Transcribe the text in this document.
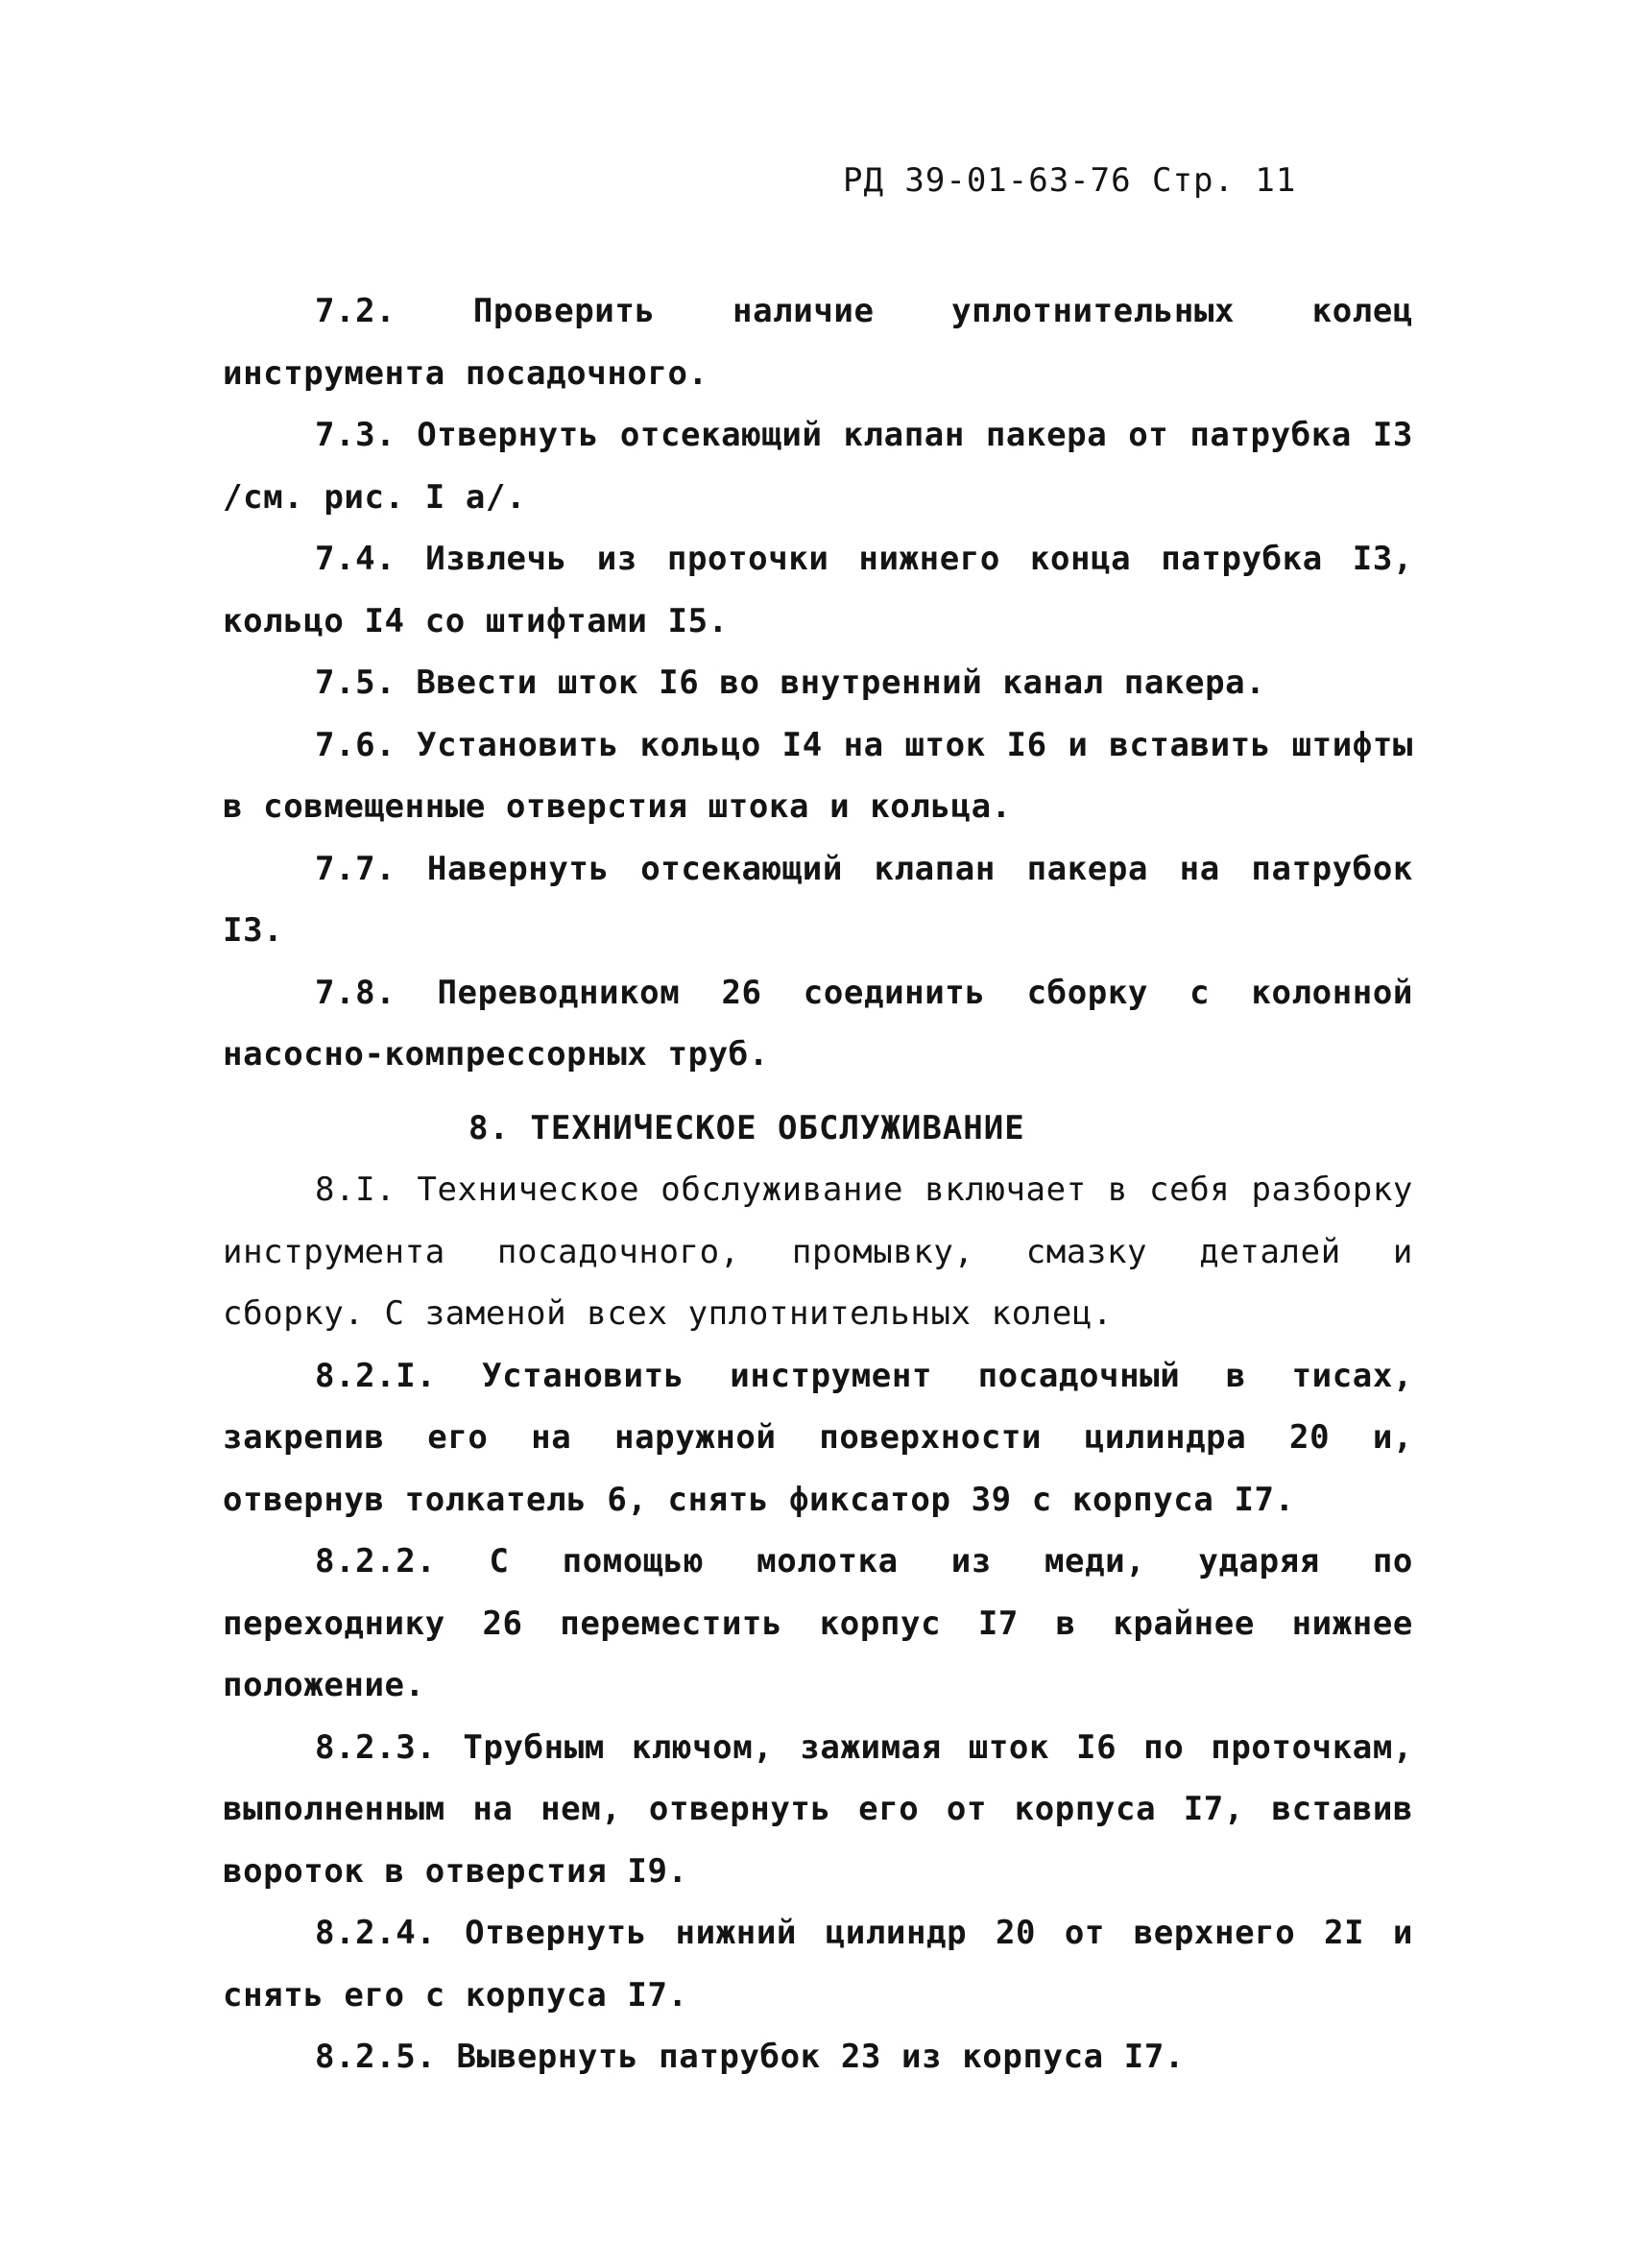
РД 39-01-63-76 Стр. 11

7.2. Проверить наличие уплотнительных колец инструмента посадочного.

7.3. Отвернуть отсекающий клапан пакера от патрубка I3 /см. рис. I а/.

7.4. Извлечь из проточки нижнего конца патрубка I3, кольцо I4 со штифтами I5.

7.5. Ввести шток I6 во внутренний канал пакера.

7.6. Установить кольцо I4 на шток I6 и вставить штифты в совмещенные отверстия штока и кольца.

7.7. Навернуть отсекающий клапан пакера на патрубок I3.

7.8. Переводником 26 соединить сборку с колонной насосно-компрессорных труб.

8. ТЕХНИЧЕСКОЕ ОБСЛУЖИВАНИЕ

8.I. Техническое обслуживание включает в себя разборку инструмента посадочного, промывку, смазку деталей и сборку. С заменой всех уплотнительных колец.

8.2.I. Установить инструмент посадочный в тисах, закрепив его на наружной поверхности цилиндра 20 и, отвернув толкатель 6, снять фиксатор 39 с корпуса I7.

8.2.2. С помощью молотка из меди, ударяя по переходнику 26 переместить корпус I7 в крайнее нижнее положение.

8.2.3. Трубным ключом, зажимая шток I6 по проточкам, выполненным на нем, отвернуть его от корпуса I7, вставив вороток в отверстия I9.

8.2.4. Отвернуть нижний цилиндр 20 от верхнего 2I и снять его с корпуса I7.

8.2.5. Вывернуть патрубок 23 из корпуса I7.
